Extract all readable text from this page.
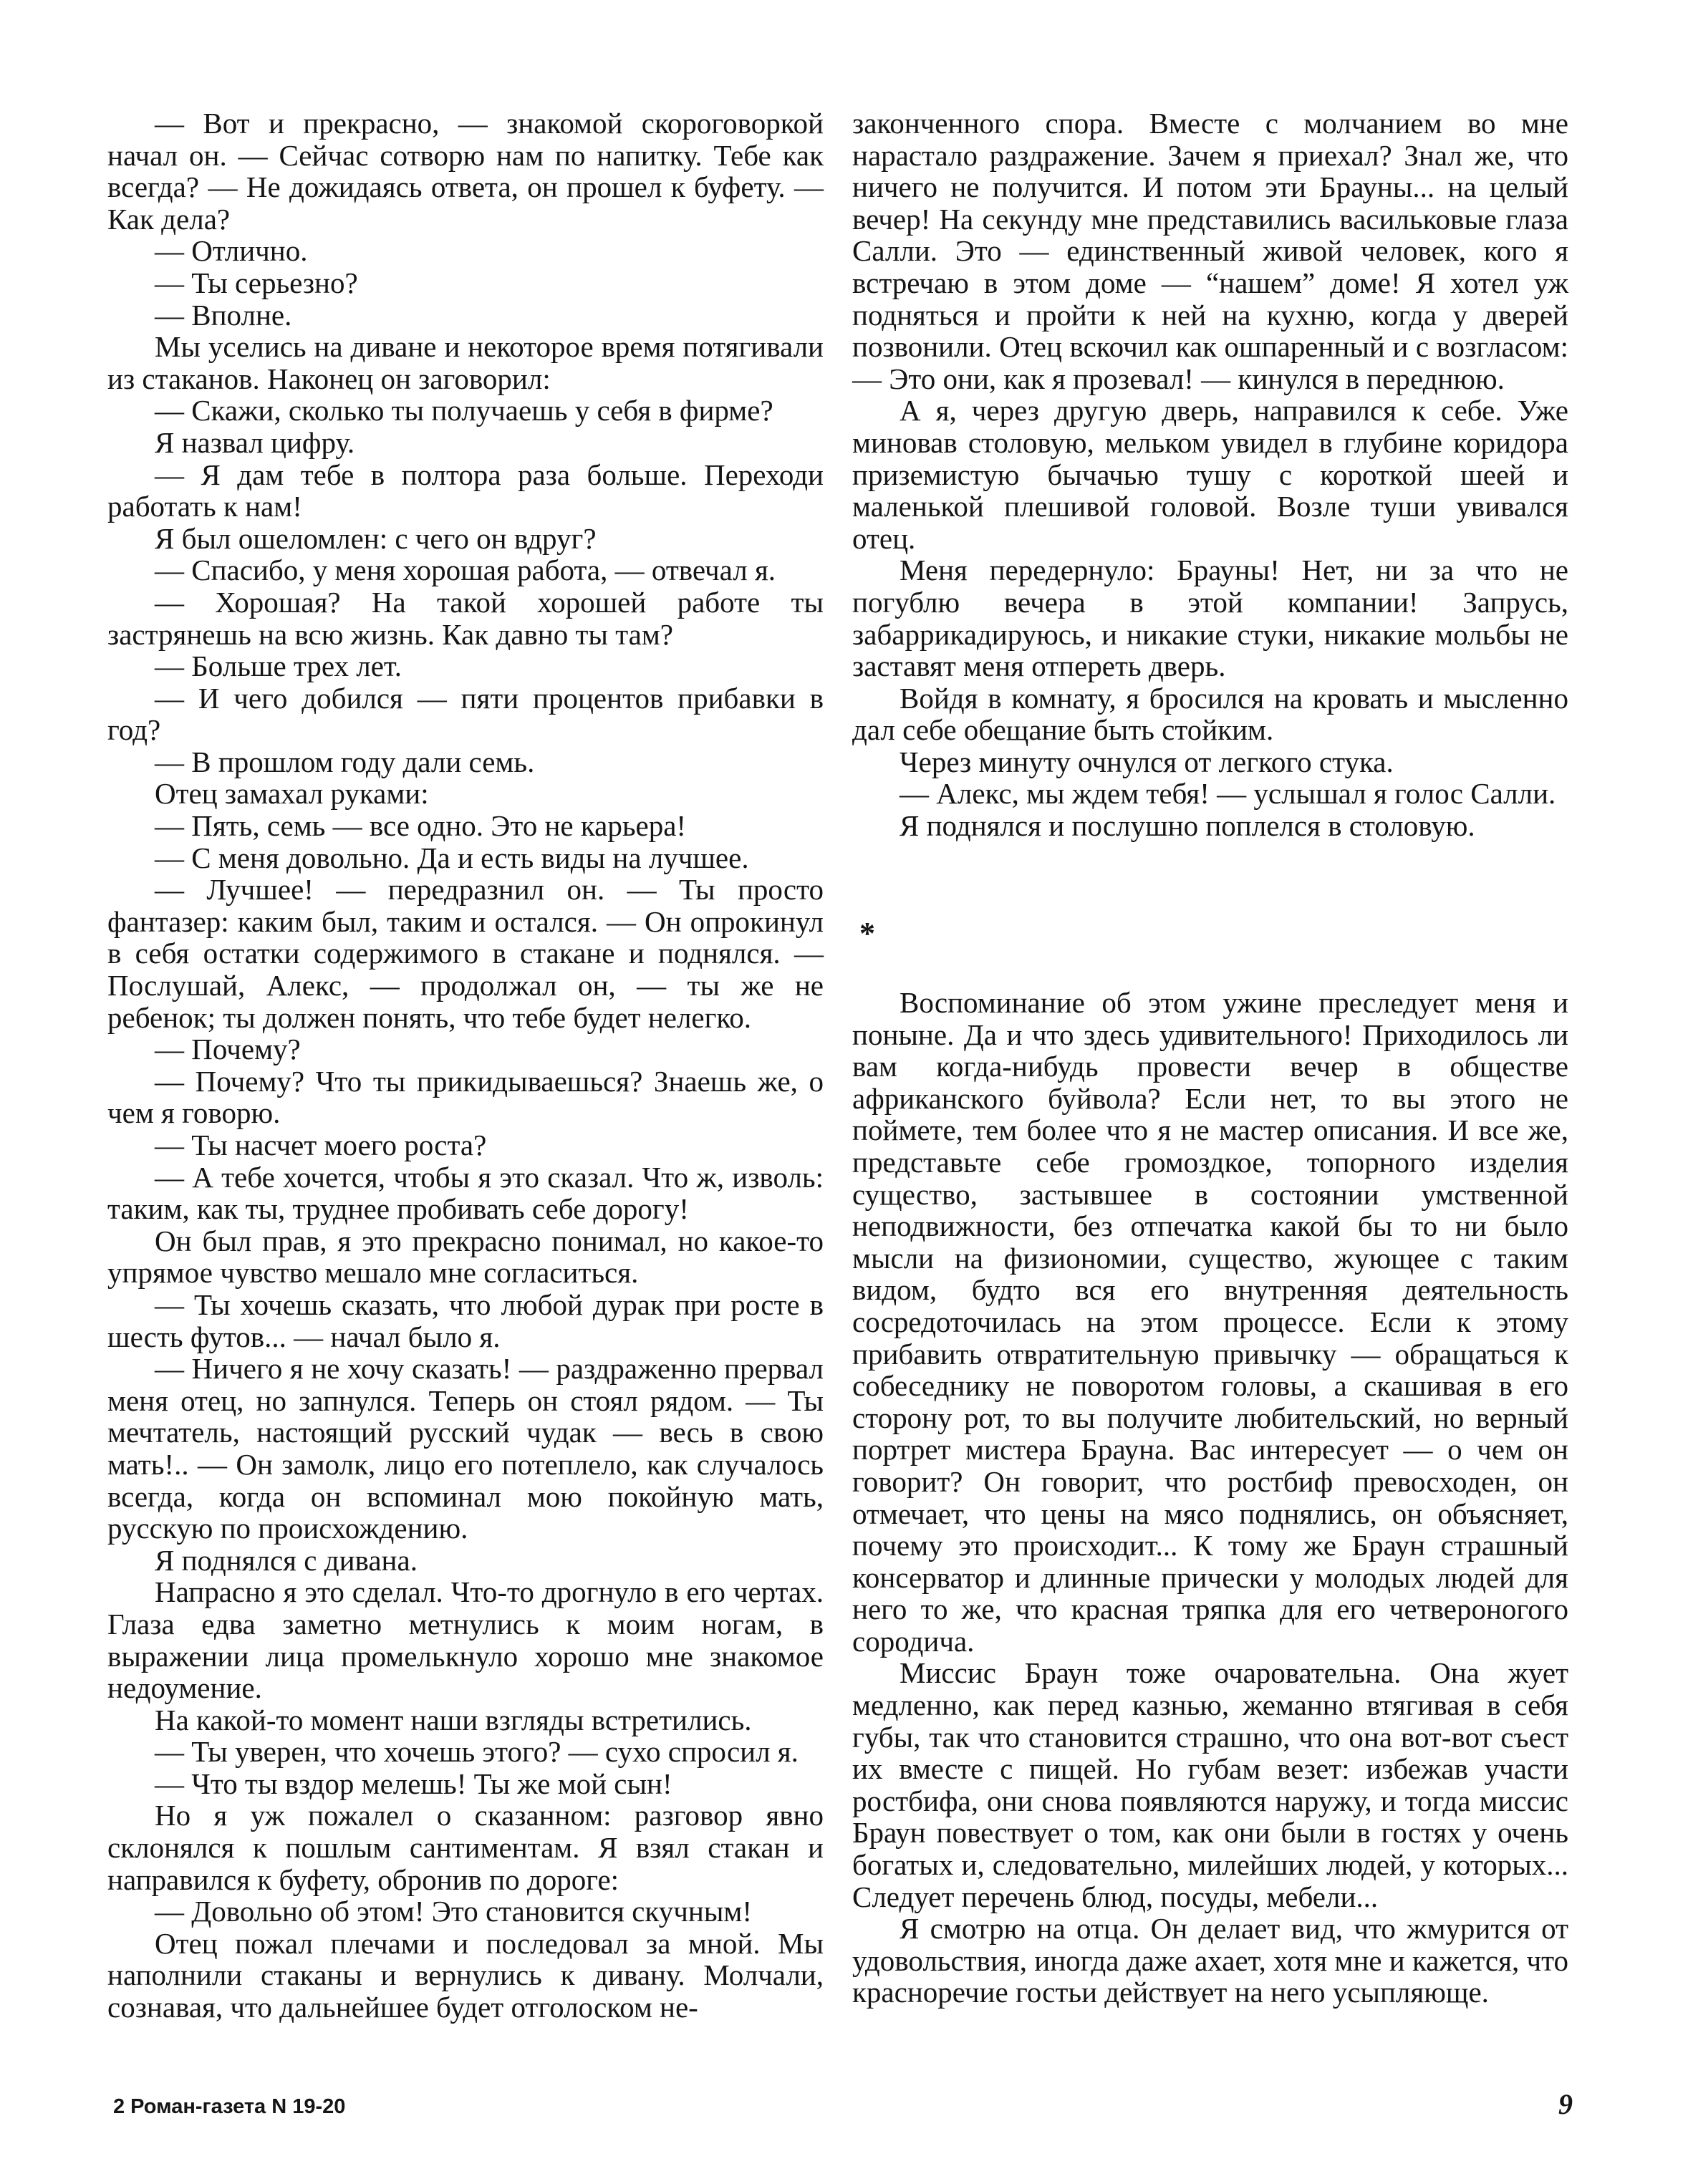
— Вот и прекрасно, — знакомой скороговоркой начал он. — Сейчас сотворю нам по напитку. Тебе как всегда? — Не дожидаясь ответа, он прошел к буфету. — Как дела?

— Отлично.

— Ты серьезно?

— Вполне.

Мы уселись на диване и некоторое время потягивали из стаканов. Наконец он заговорил:

— Скажи, сколько ты получаешь у себя в фирме?

Я назвал цифру.

— Я дам тебе в полтора раза больше. Переходи работать к нам!

Я был ошеломлен: с чего он вдруг?

— Спасибо, у меня хорошая работа, — отвечал я.

— Хорошая? На такой хорошей работе ты застрянешь на всю жизнь. Как давно ты там?

— Больше трех лет.

— И чего добился — пяти процентов прибавки в год?

— В прошлом году дали семь.

Отец замахал руками:

— Пять, семь — все одно. Это не карьера!

— С меня довольно. Да и есть виды на лучшее.

— Лучшее! — передразнил он. — Ты просто фантазер: каким был, таким и остался. — Он опрокинул в себя остатки содержимого в стакане и поднялся. — Послушай, Алекс, — продолжал он, — ты же не ребенок; ты должен понять, что тебе будет нелегко.

— Почему?

— Почему? Что ты прикидываешься? Знаешь же, о чем я говорю.

— Ты насчет моего роста?

— А тебе хочется, чтобы я это сказал. Что ж, изволь: таким, как ты, труднее пробивать себе дорогу!

Он был прав, я это прекрасно понимал, но какое-то упрямое чувство мешало мне согласиться.

— Ты хочешь сказать, что любой дурак при росте в шесть футов... — начал было я.

— Ничего я не хочу сказать! — раздраженно прервал меня отец, но запнулся. Теперь он стоял рядом. — Ты мечтатель, настоящий русский чудак — весь в свою мать!.. — Он замолк, лицо его потеплело, как случалось всегда, когда он вспоминал мою покойную мать, русскую по происхождению.

Я поднялся с дивана.

Напрасно я это сделал. Что-то дрогнуло в его чертах. Глаза едва заметно метнулись к моим ногам, в выражении лица промелькнуло хорошо мне знакомое недоумение.

На какой-то момент наши взгляды встретились.

— Ты уверен, что хочешь этого? — сухо спросил я.

— Что ты вздор мелешь! Ты же мой сын!

Но я уж пожалел о сказанном: разговор явно склонялся к пошлым сантиментам. Я взял стакан и направился к буфету, обронив по дороге:

— Довольно об этом! Это становится скучным!

Отец пожал плечами и последовал за мной. Мы наполнили стаканы и вернулись к дивану. Молчали, сознавая, что дальнейшее будет отголоском не-

законченного спора. Вместе с молчанием во мне нарастало раздражение. Зачем я приехал? Знал же, что ничего не получится. И потом эти Брауны... на целый вечер! На секунду мне представились васильковые глаза Салли. Это — единственный живой человек, кого я встречаю в этом доме — “нашем” доме! Я хотел уж подняться и пройти к ней на кухню, когда у дверей позвонили. Отец вскочил как ошпаренный и с возгласом: — Это они, как я прозевал! — кинулся в переднюю.

А я, через другую дверь, направился к себе. Уже миновав столовую, мельком увидел в глубине коридора приземистую бычачью тушу с короткой шеей и маленькой плешивой головой. Возле туши увивался отец.

Меня передернуло: Брауны! Нет, ни за что не погублю вечера в этой компании! Запрусь, забаррикадируюсь, и никакие стуки, никакие мольбы не заставят меня отпереть дверь.

Войдя в комнату, я бросился на кровать и мысленно дал себе обещание быть стойким.

Через минуту очнулся от легкого стука.

— Алекс, мы ждем тебя! — услышал я голос Салли.

Я поднялся и послушно поплелся в столовую.

*

Воспоминание об этом ужине преследует меня и поныне. Да и что здесь удивительного! Приходилось ли вам когда-нибудь провести вечер в обществе африканского буйвола? Если нет, то вы этого не поймете, тем более что я не мастер описания. И все же, представьте себе громоздкое, топорного изделия существо, застывшее в состоянии умственной неподвижности, без отпечатка какой бы то ни было мысли на физиономии, существо, жующее с таким видом, будто вся его внутренняя деятельность сосредоточилась на этом процессе. Если к этому прибавить отвратительную привычку — обращаться к собеседнику не поворотом головы, а скашивая в его сторону рот, то вы получите любительский, но верный портрет мистера Брауна. Вас интересует — о чем он говорит? Он говорит, что ростбиф превосходен, он отмечает, что цены на мясо поднялись, он объясняет, почему это происходит... К тому же Браун страшный консерватор и длинные прически у молодых людей для него то же, что красная тряпка для его четвероногого сородича.

Миссис Браун тоже очаровательна. Она жует медленно, как перед казнью, жеманно втягивая в себя губы, так что становится страшно, что она вот-вот съест их вместе с пищей. Но губам везет: избежав участи ростбифа, они снова появляются наружу, и тогда миссис Браун повествует о том, как они были в гостях у очень богатых и, следовательно, милейших людей, у которых... Следует перечень блюд, посуды, мебели...

Я смотрю на отца. Он делает вид, что жмурится от удовольствия, иногда даже ахает, хотя мне и кажется, что красноречие гостьи действует на него усыпляюще.

2 Роман-газета N 19-20	9
